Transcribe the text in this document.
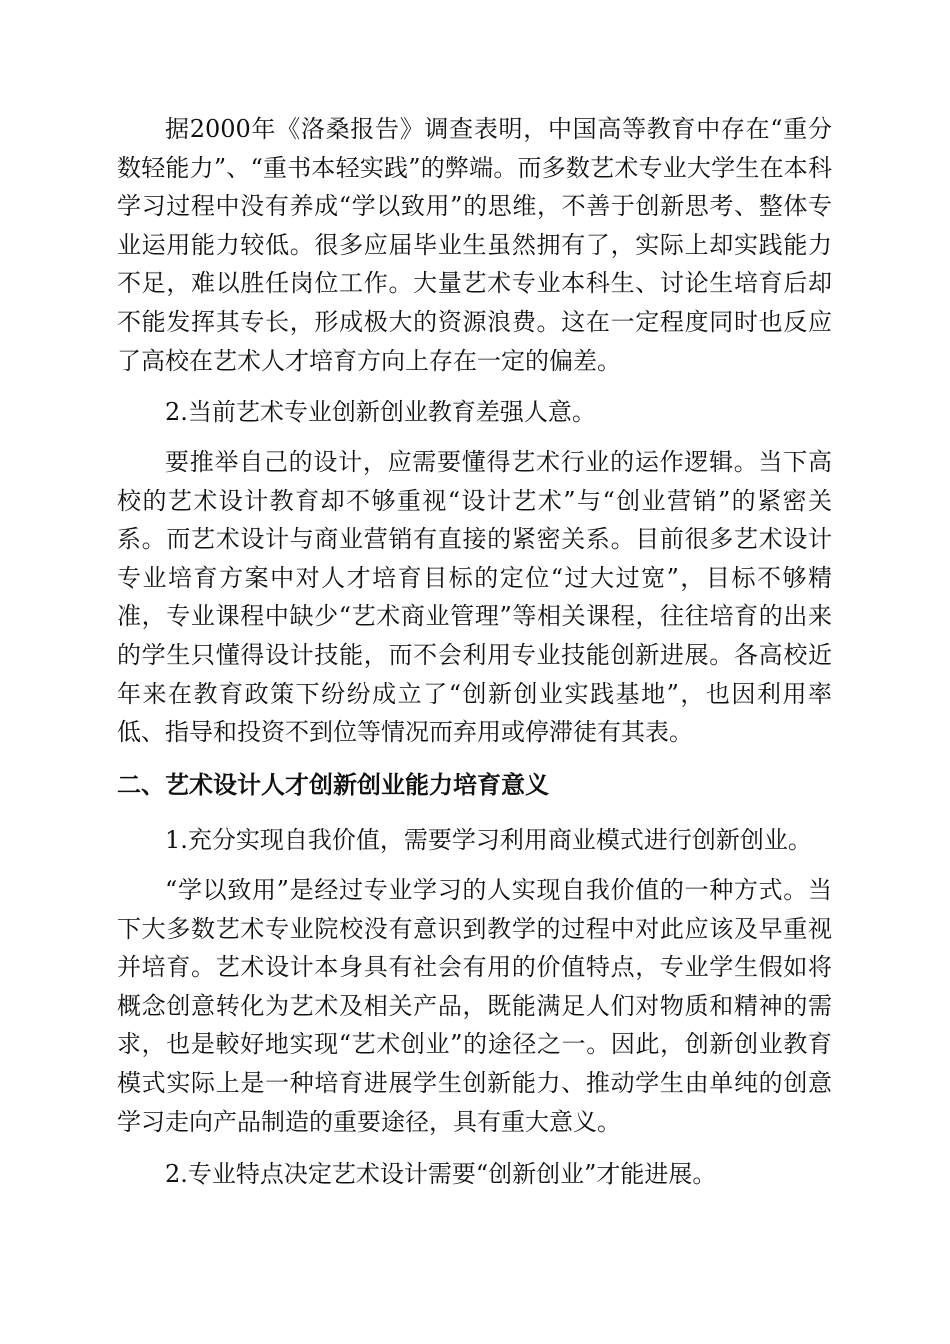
据2000年《洛桑报告》调查表明，中国高等教育中存在“重分数轻能力”、“重书本轻实践”的弊端。而多数艺术专业大学生在本科学习过程中没有养成“学以致用”的思维，不善于创新思考、整体专业运用能力较低。很多应届毕业生虽然拥有了，实际上却实践能力不足，难以胜任岗位工作。大量艺术专业本科生、讨论生培育后却不能发挥其专长，形成极大的资源浪费。这在一定程度同时也反应了高校在艺术人才培育方向上存在一定的偏差。

2.当前艺术专业创新创业教育差强人意。

要推举自己的设计，应需要懂得艺术行业的运作逻辑。当下高校的艺术设计教育却不够重视“设计艺术”与“创业营销”的紧密关系。而艺术设计与商业营销有直接的紧密关系。目前很多艺术设计专业培育方案中对人才培育目标的定位“过大过宽”，目标不够精准，专业课程中缺少“艺术商业管理”等相关课程，往往培育的出来的学生只懂得设计技能，而不会利用专业技能创新进展。各高校近年来在教育政策下纷纷成立了“创新创业实践基地”，也因利用率低、指导和投资不到位等情况而弃用或停滞徒有其表。

二、艺术设计人才创新创业能力培育意义

1.充分实现自我价值，需要学习利用商业模式进行创新创业。

“学以致用”是经过专业学习的人实现自我价值的一种方式。当下大多数艺术专业院校没有意识到教学的过程中对此应该及早重视并培育。艺术设计本身具有社会有用的价值特点，专业学生假如将概念创意转化为艺术及相关产品，既能满足人们对物质和精神的需求，也是較好地实现“艺术创业”的途径之一。因此，创新创业教育模式实际上是一种培育进展学生创新能力、推动学生由单纯的创意学习走向产品制造的重要途径，具有重大意义。

2.专业特点决定艺术设计需要“创新创业”才能进展。
